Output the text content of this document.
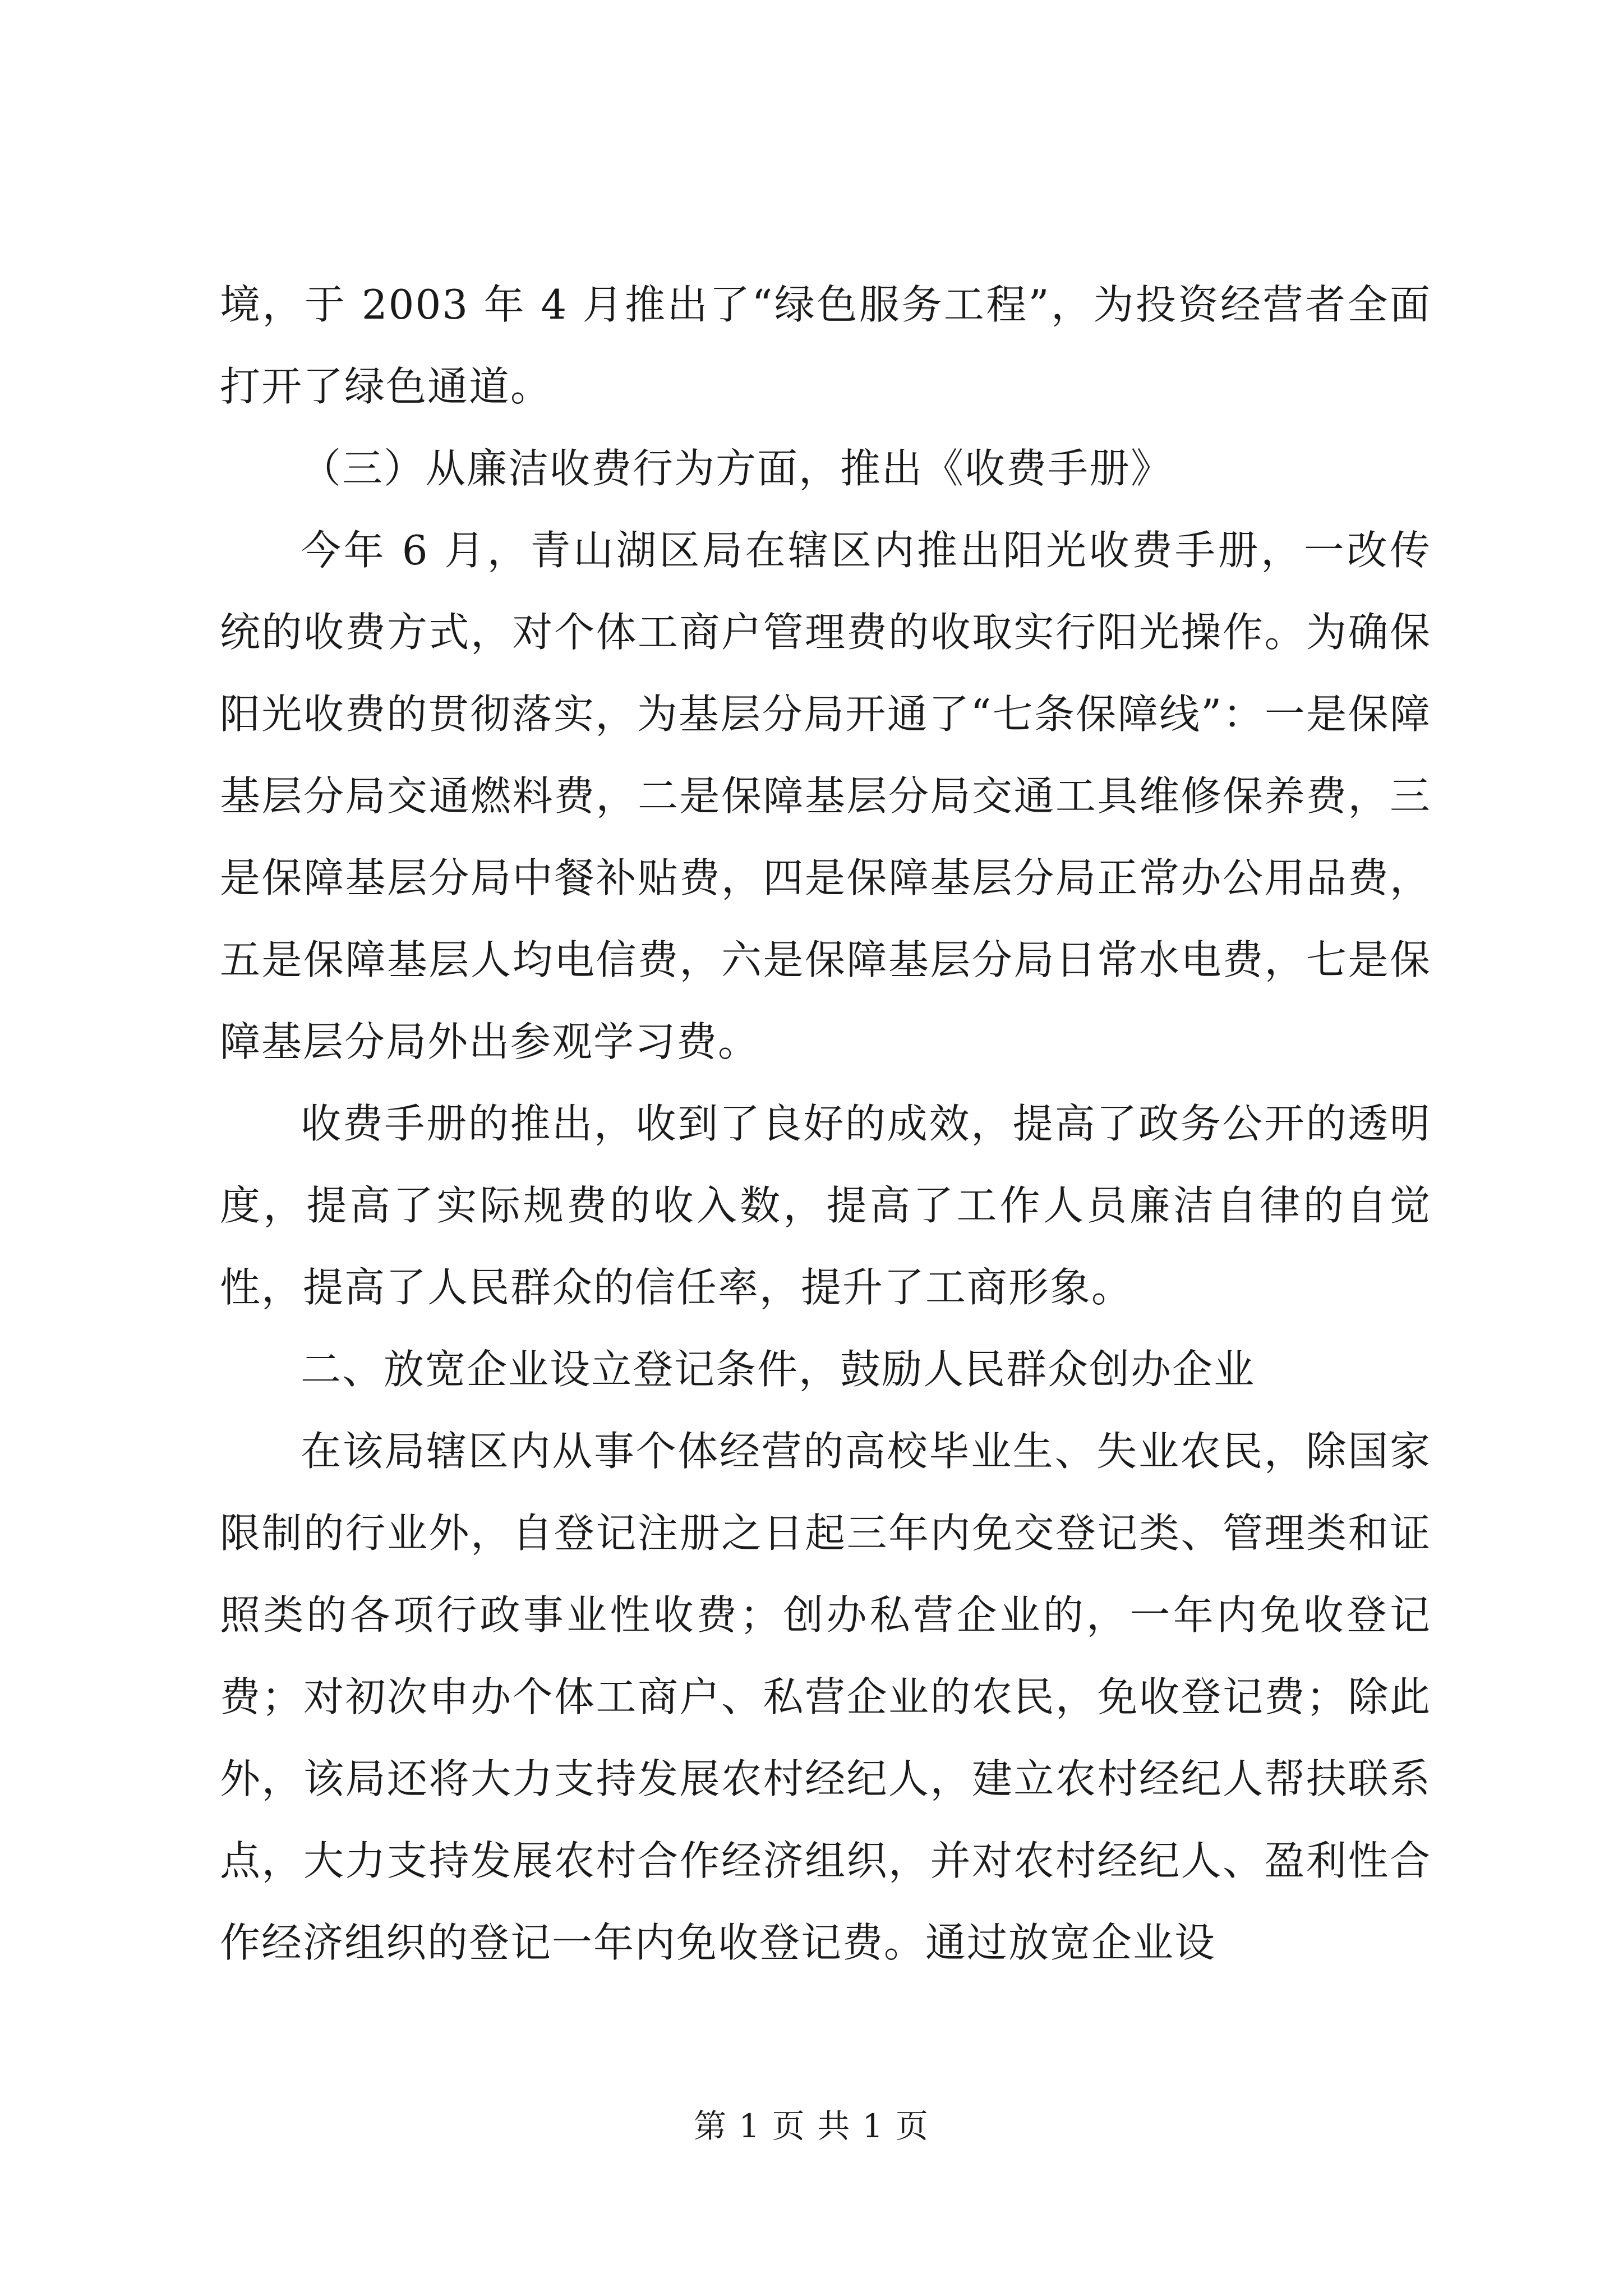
境，于 2003 年 4 月推出了“绿色服务工程”，为投资经营者全面打开了绿色通道。

（三）从廉洁收费行为方面，推出《收费手册》

今年 6 月，青山湖区局在辖区内推出阳光收费手册，一改传统的收费方式，对个体工商户管理费的收取实行阳光操作。为确保阳光收费的贯彻落实，为基层分局开通了“七条保障线”：一是保障基层分局交通燃料费，二是保障基层分局交通工具维修保养费，三是保障基层分局中餐补贴费，四是保障基层分局正常办公用品费，五是保障基层人均电信费，六是保障基层分局日常水电费，七是保障基层分局外出参观学习费。

收费手册的推出，收到了良好的成效，提高了政务公开的透明度，提高了实际规费的收入数，提高了工作人员廉洁自律的自觉性，提高了人民群众的信任率，提升了工商形象。

二、放宽企业设立登记条件，鼓励人民群众创办企业

在该局辖区内从事个体经营的高校毕业生、失业农民，除国家限制的行业外，自登记注册之日起三年内免交登记类、管理类和证照类的各项行政事业性收费；创办私营企业的，一年内免收登记费；对初次申办个体工商户、私营企业的农民，免收登记费；除此外，该局还将大力支持发展农村经纪人，建立农村经纪人帮扶联系点，大力支持发展农村合作经济组织，并对农村经纪人、盈利性合作经济组织的登记一年内免收登记费。通过放宽企业设

第 1 页 共 1 页
